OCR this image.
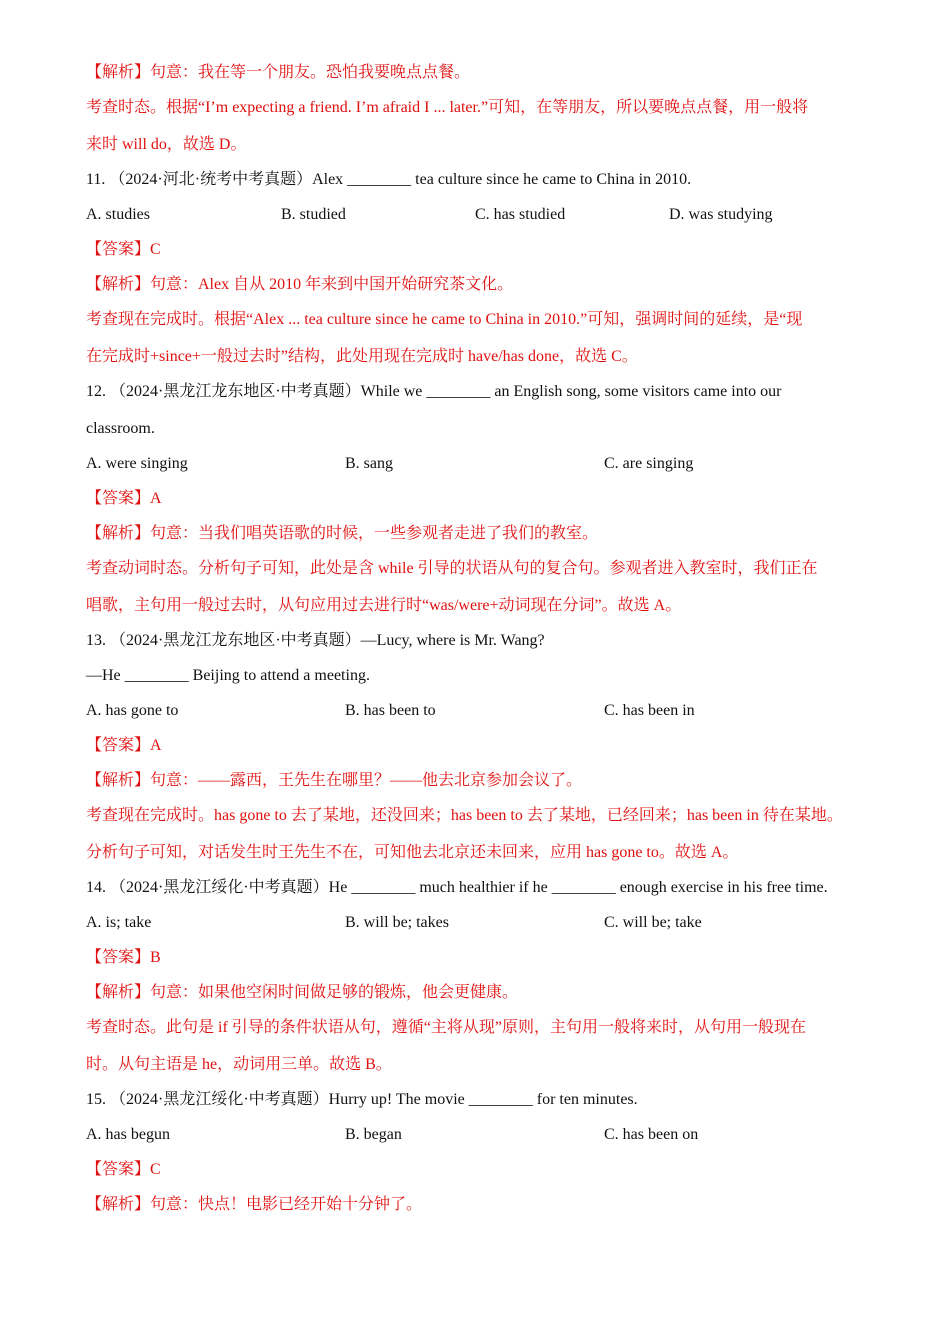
【解析】句意：我在等一个朋友。恐怕我要晚点点餐。
考查时态。根据“I’m expecting a friend. I’m afraid I ... later.”可知，在等朋友，所以要晚点点餐，用一般将
来时 will do，故选 D。
11. （2024·河北·统考中考真题）Alex ________ tea culture since he came to China in 2010.
A. studies	B. studied	C. has studied	D. was studying
【答案】C
【解析】句意：Alex 自从 2010 年来到中国开始研究茶文化。
考查现在完成时。根据“Alex ... tea culture since he came to China in 2010.”可知，强调时间的延续，是“现
在完成时+since+一般过去时”结构，此处用现在完成时 have/has done，故选 C。
12. （2024·黑龙江龙东地区·中考真题）While we ________ an English song, some visitors came into our
classroom.
A. were singing	B. sang	C. are singing
【答案】A
【解析】句意：当我们唱英语歌的时候，一些参观者走进了我们的教室。
考查动词时态。分析句子可知，此处是含 while 引导的状语从句的复合句。参观者进入教室时，我们正在
唱歌，主句用一般过去时，从句应用过去进行时“was/were+动词现在分词”。故选 A。
13. （2024·黑龙江龙东地区·中考真题）—Lucy, where is Mr. Wang?
—He ________ Beijing to attend a meeting.
A. has gone to	B. has been to	C. has been in
【答案】A
【解析】句意：——露西，王先生在哪里？——他去北京参加会议了。
考查现在完成时。has gone to 去了某地，还没回来；has been to 去了某地，已经回来；has been in 待在某地。
分析句子可知，对话发生时王先生不在，可知他去北京还未回来，应用 has gone to。故选 A。
14. （2024·黑龙江绥化·中考真题）He ________ much healthier if he ________ enough exercise in his free time.
A. is; take	B. will be; takes	C. will be; take
【答案】B
【解析】句意：如果他空闲时间做足够的锻炼，他会更健康。
考查时态。此句是 if 引导的条件状语从句，遵循“主将从现”原则，主句用一般将来时，从句用一般现在
时。从句主语是 he，动词用三单。故选 B。
15. （2024·黑龙江绥化·中考真题）Hurry up! The movie ________ for ten minutes.
A. has begun	B. began	C. has been on
【答案】C
【解析】句意：快点！电影已经开始十分钟了。
